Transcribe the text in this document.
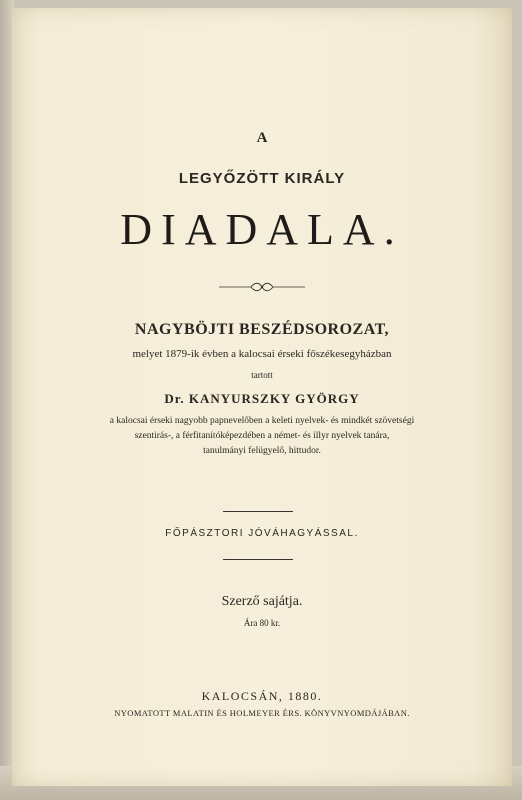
A
LEGYŐZÖTT KIRÁLY
DIADALA.
NAGYBÖJTI BESZÉDSOROZAT,
melyet 1879-ik évben a kalocsai érseki főszékesegyházban
tartott
Dr. KANYURSZKY GYÖRGY
a kalocsai érseki nagyobb papnevelőben a keleti nyelvek- és mindkét szövetségi
szentirás-, a férfitanítóképezdében a német- és illyr nyelvek tanára,
tanulmányi felügyelő, hittudor.
FŐPÁSZTORI JÓVÁHAGYÁSSAL.
Szerző sajátja.
Ára 80 kr.
KALOCSÁN, 1880.
NYOMATOTT MALATIN ÉS HOLMEYER ÉRS. KÖNYVNYOMDÁJÁBAN.
